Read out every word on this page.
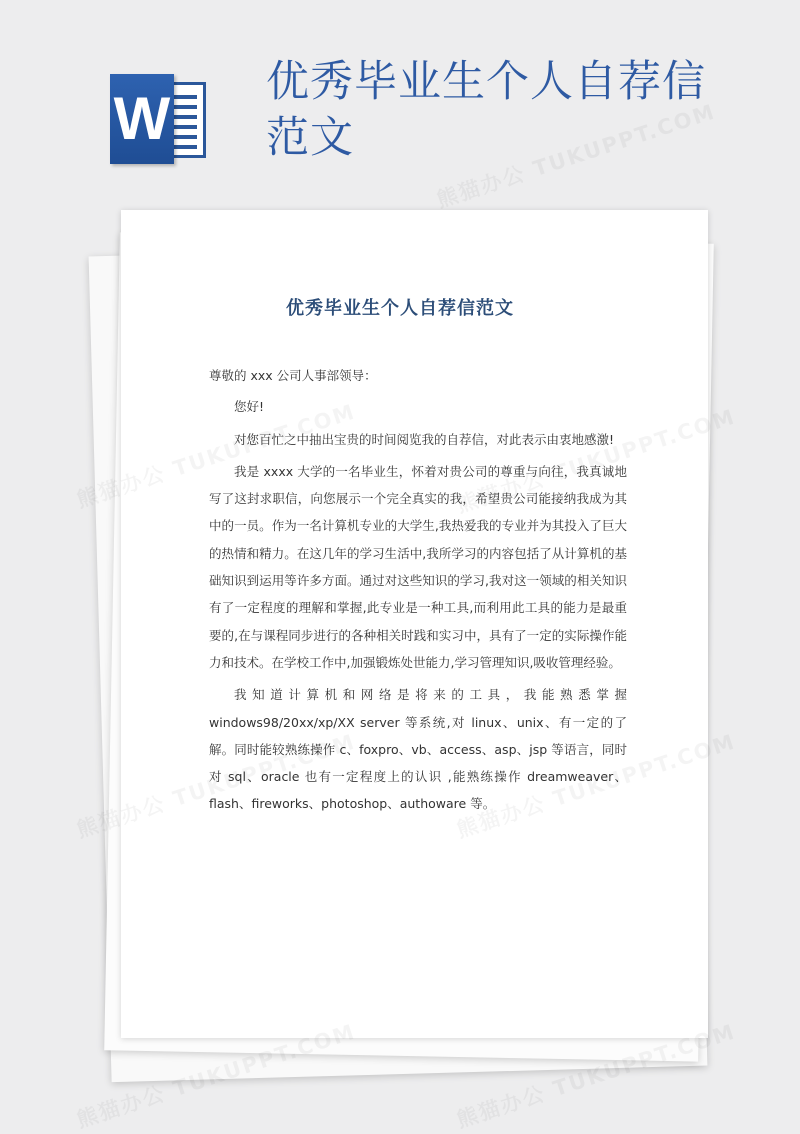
W
优秀毕业生个人自荐信范文
优秀毕业生个人自荐信范文

尊敬的 xxx 公司人事部领导：

您好!

对您百忙之中抽出宝贵的时间阅览我的自荐信，对此表示由衷地感激!

我是 xxxx 大学的一名毕业生，怀着对贵公司的尊重与向往，我真诚地写了这封求职信，向您展示一个完全真实的我，希望贵公司能接纳我成为其中的一员。作为一名计算机专业的大学生,我热爱我的专业并为其投入了巨大的热情和精力。在这几年的学习生活中,我所学习的内容包括了从计算机的基础知识到运用等许多方面。通过对这些知识的学习,我对这一领域的相关知识有了一定程度的理解和掌握,此专业是一种工具,而利用此工具的能力是最重要的,在与课程同步进行的各种相关时践和实习中，具有了一定的实际操作能力和技术。在学校工作中,加强锻炼处世能力,学习管理知识,吸收管理经验。

我知道计算机和网络是将来的工具，我能熟悉掌握 windows98/20xx/xp/XX server 等系统,对 linux、unix、有一定的了解。同时能较熟练操作 c、foxpro、vb、access、asp、jsp 等语言，同时对 sql、oracle 也有一定程度上的认识 ,能熟练操作 dreamweaver、flash、fireworks、photoshop、authoware 等。
